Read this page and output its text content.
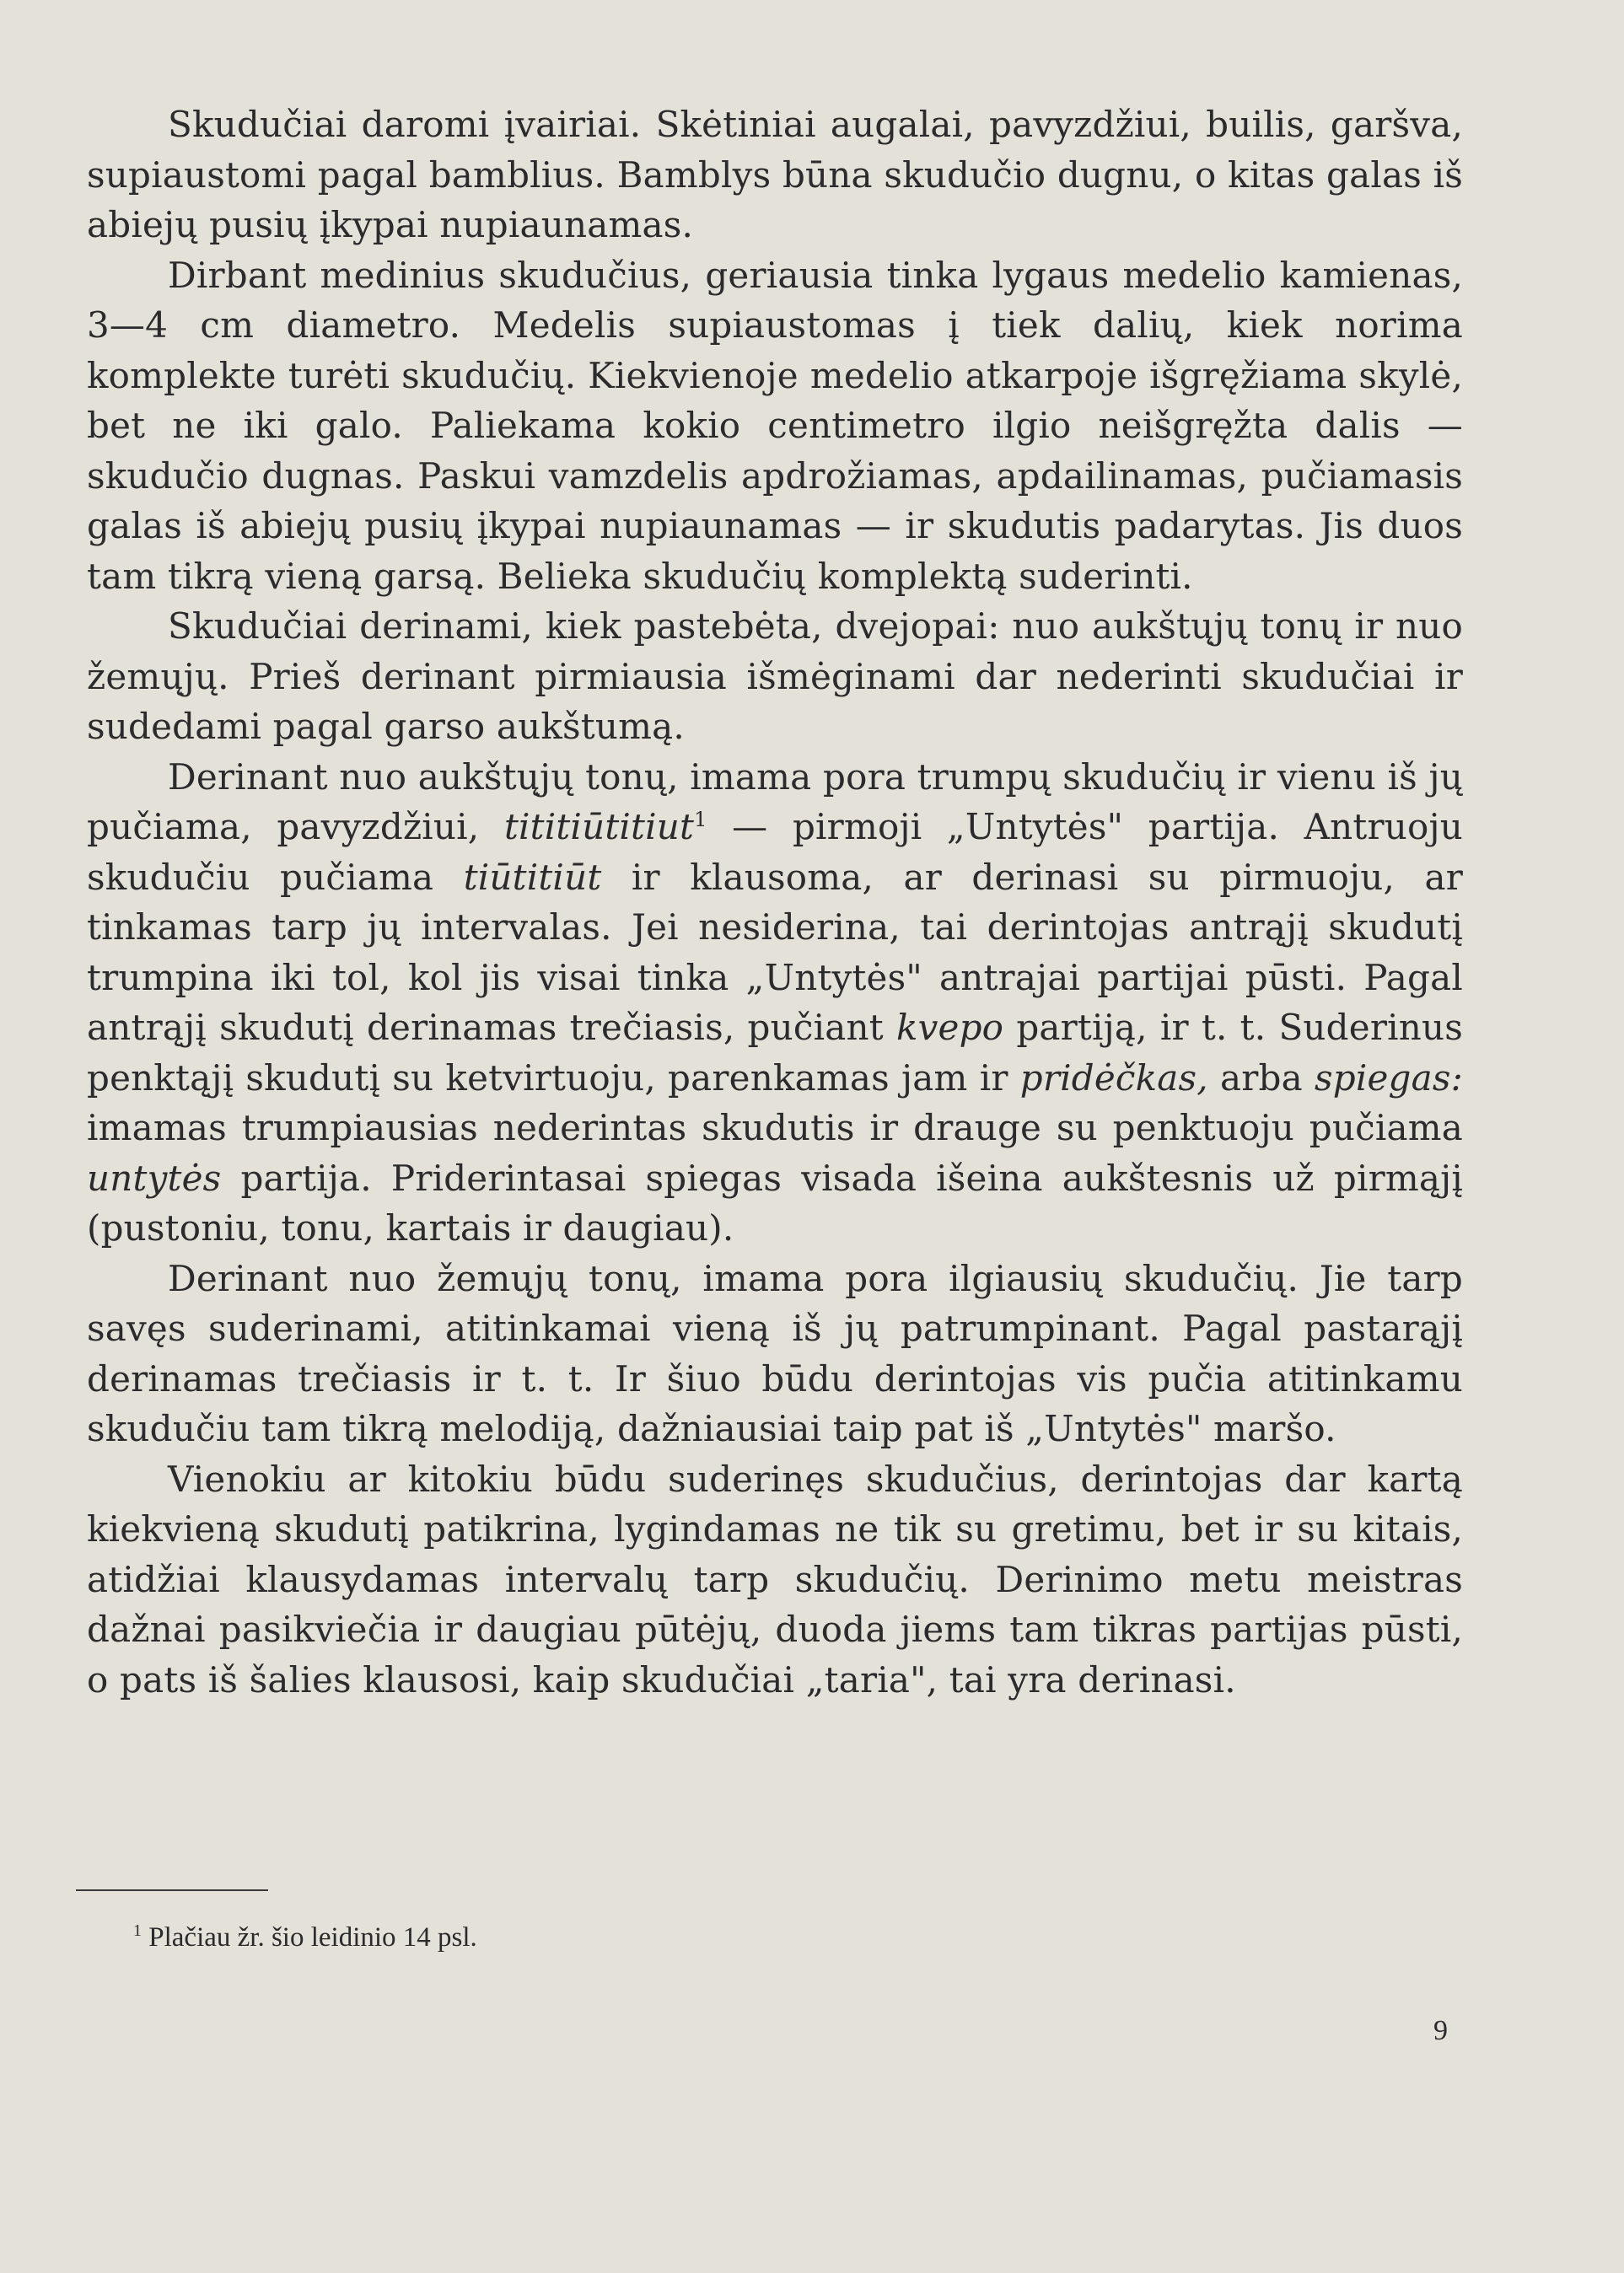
Skudučiai daromi įvairiai. Skėtiniai augalai, pavyzdžiui, builis, garšva, supiaustomi pagal bamblius. Bamblys būna skudučio dugnu, o kitas galas iš abiejų pusių įkypai nupiaunamas.

Dirbant medinius skudučius, geriausia tinka lygaus medelio kamienas, 3—4 cm diametro. Medelis supiaustomas į tiek dalių, kiek norima komplekte turėti skudučių. Kiekvienoje medelio atkarpoje išgręžiama skylė, bet ne iki galo. Paliekama kokio centimetro ilgio neišgręžta dalis — skudučio dugnas. Paskui vamzdelis apdrožiamas, apdailinamas, pučiamasis galas iš abiejų pusių įkypai nupiaunamas — ir skudutis padarytas. Jis duos tam tikrą vieną garsą. Belieka skudučių komplektą suderinti.

Skudučiai derinami, kiek pastebėta, dvejopai: nuo aukštųjų tonų ir nuo žemųjų. Prieš derinant pirmiausia išmėginami dar nederinti skudučiai ir sudedami pagal garso aukštumą.

Derinant nuo aukštųjų tonų, imama pora trumpų skudučių ir vienu iš jų pučiama, pavyzdžiui, tititiūtitiut$^1$ — pirmoji „Untytės" partija. Antruoju skudučiu pučiama tiūtitiūt ir klausoma, ar derinasi su pirmuoju, ar tinkamas tarp jų intervalas. Jei nesiderina, tai derintojas antrąjį skudutį trumpina iki tol, kol jis visai tinka „Untytės" antrajai partijai pūsti. Pagal antrąjį skudutį derinamas trečiasis, pučiant kvepo partiją, ir t. t. Suderinus penktąjį skudutį su ketvirtuoju, parenkamas jam ir pridėčkas, arba spiegas: imamas trumpiausias nederintas skudutis ir drauge su penktuoju pučiama untytės partija. Priderintasai spiegas visada išeina aukštesnis už pirmąjį (pustoniu, tonu, kartais ir daugiau).

Derinant nuo žemųjų tonų, imama pora ilgiausių skudučių. Jie tarp savęs suderinami, atitinkamai vieną iš jų patrumpinant. Pagal pastarąjį derinamas trečiasis ir t. t. Ir šiuo būdu derintojas vis pučia atitinkamu skudučiu tam tikrą melodiją, dažniausiai taip pat iš „Untytės" maršo.

Vienokiu ar kitokiu būdu suderinęs skudučius, derintojas dar kartą kiekvieną skudutį patikrina, lygindamas ne tik su gretimu, bet ir su kitais, atidžiai klausydamas intervalų tarp skudučių. Derinimo metu meistras dažnai pasikviečia ir daugiau pūtėjų, duoda jiems tam tikras partijas pūsti, o pats iš šalies klausosi, kaip skudučiai „taria", tai yra derinasi.

$^1$ Plačiau žr. šio leidinio 14 psl.
9
